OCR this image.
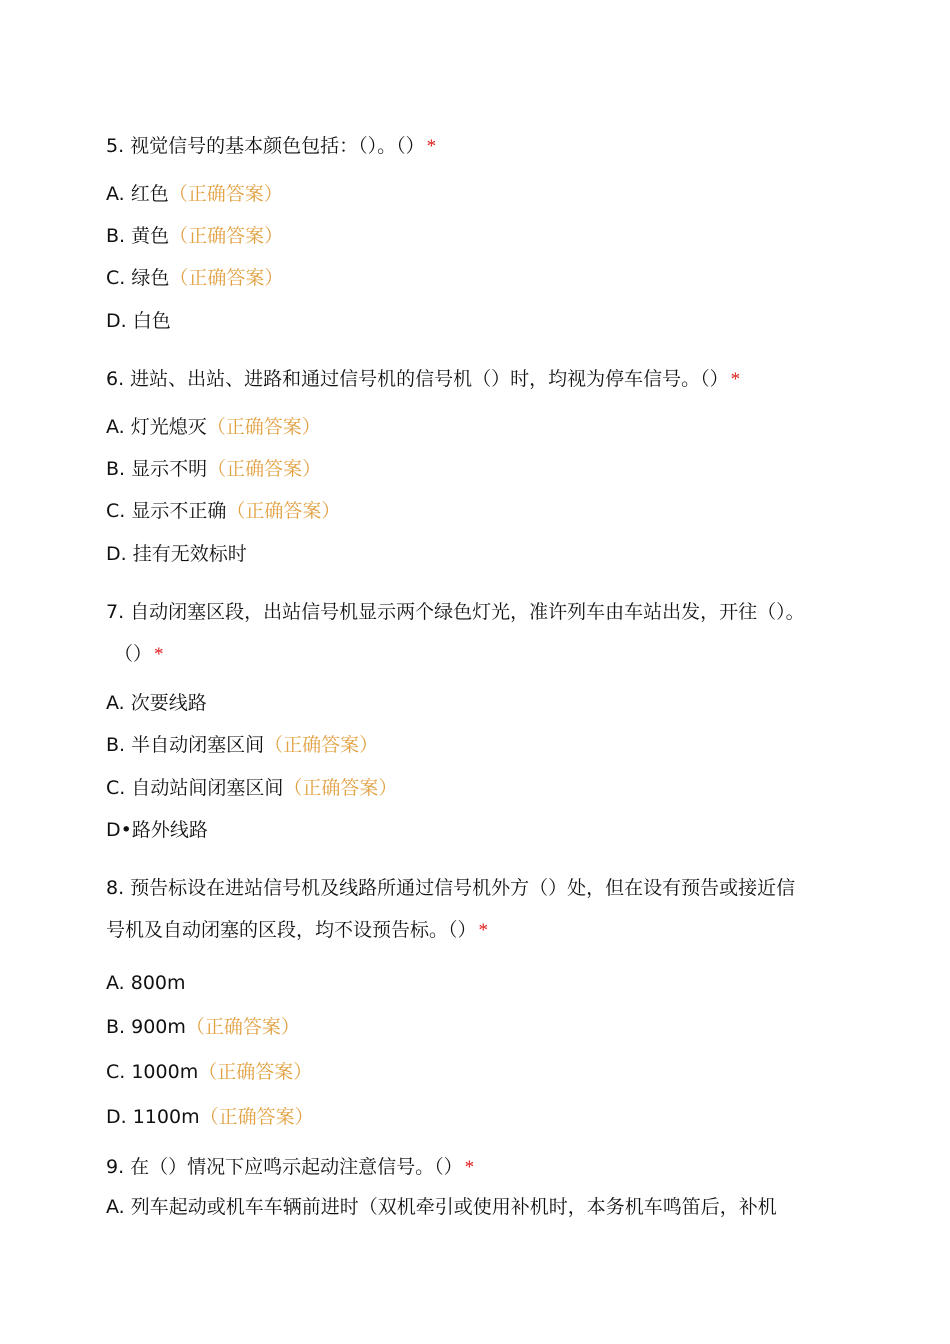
5. 视觉信号的基本颜色包括：（）。（） *
A. 红色（正确答案）
B. 黄色（正确答案）
C. 绿色（正确答案）
D. 白色
6. 进站、出站、进路和通过信号机的信号机（）时，均视为停车信号。（） *
A. 灯光熄灭（正确答案）
B. 显示不明（正确答案）
C. 显示不正确（正确答案）
D. 挂有无效标时
7. 自动闭塞区段，出站信号机显示两个绿色灯光，准许列车由车站出发，开往（）。
（） *
A. 次要线路
B. 半自动闭塞区间（正确答案）
C. 自动站间闭塞区间（正确答案）
D•路外线路
8. 预告标设在进站信号机及线路所通过信号机外方（）处，但在设有预告或接近信
号机及自动闭塞的区段，均不设预告标。（） *
A. 800m
B. 900m（正确答案）
C. 1000m（正确答案）
D. 1100m（正确答案）
9. 在（）情况下应鸣示起动注意信号。（） *
A. 列车起动或机车车辆前进时（双机牵引或使用补机时，本务机车鸣笛后，补机
